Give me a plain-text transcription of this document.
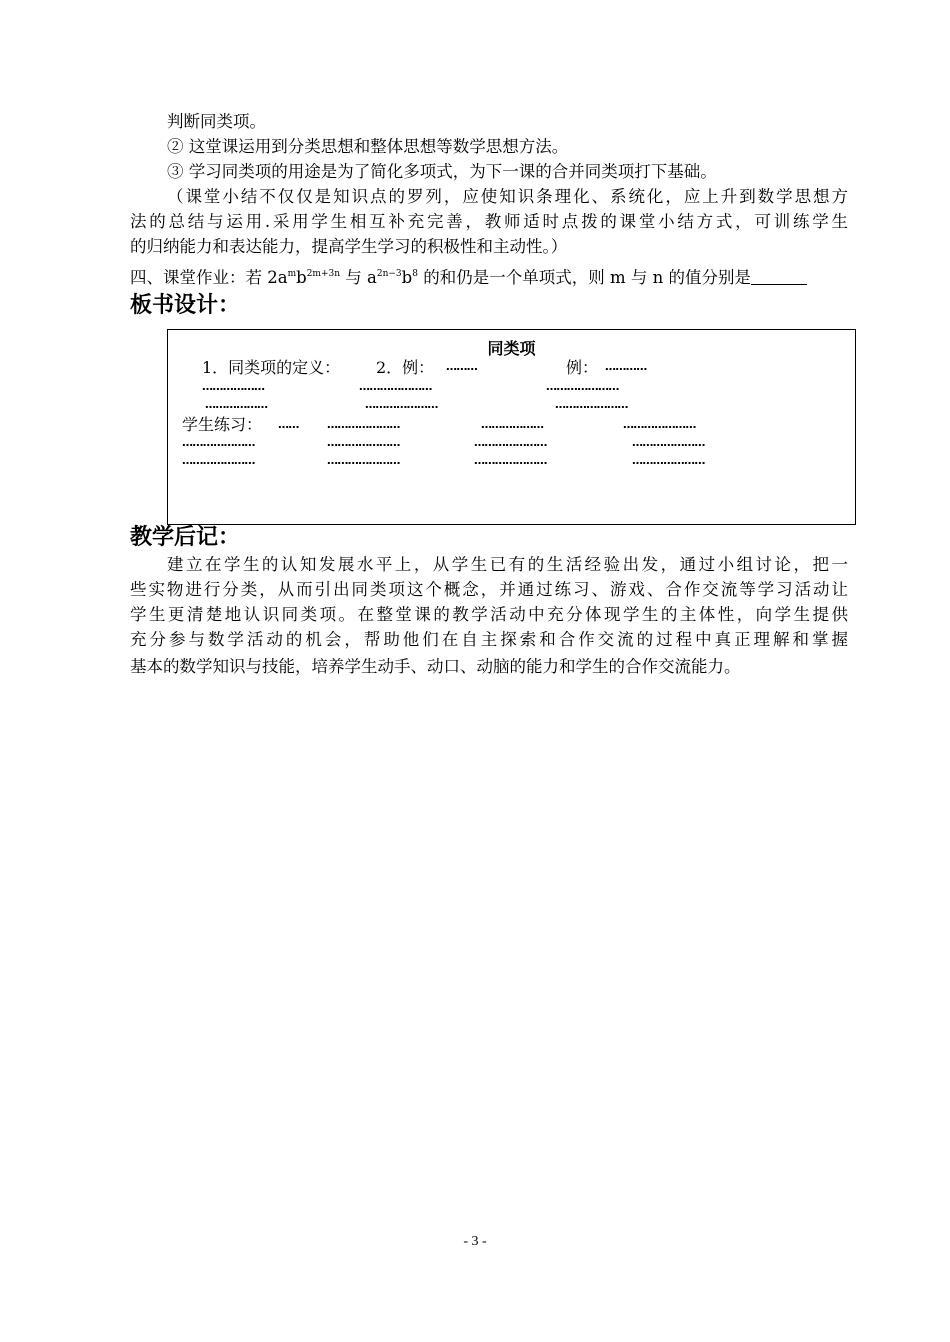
判断同类项。
② 这堂课运用到分类思想和整体思想等数学思想方法。
③ 学习同类项的用途是为了简化多项式，为下一课的合并同类项打下基础。
（课堂小结不仅仅是知识点的罗列，应使知识条理化、系统化，应上升到数学思想方
法的总结与运用.采用学生相互补充完善，教师适时点拨的课堂小结方式，可训练学生
的归纳能力和表达能力，提高学生学习的积极性和主动性。）
四、课堂作业：若 $2a^mb^{2m+3n}$ 与 $a^{2n-3}b^8$ 的和仍是一个单项式，则 m 与 n 的值分别是
板书设计：
同类项
1．同类项的定义： 2．例： ………	例： …………
………………	…………………	…………………
………………	…………………	…………………
学生练习： ……	…………………	………………	…………………
…………………	…………………	…………………	…………………
…………………	…………………	…………………	…………………
教学后记：
建立在学生的认知发展水平上，从学生已有的生活经验出发，通过小组讨论，把一
些实物进行分类，从而引出同类项这个概念，并通过练习、游戏、合作交流等学习活动让
学生更清楚地认识同类项。在整堂课的教学活动中充分体现学生的主体性，向学生提供
充分参与数学活动的机会，帮助他们在自主探索和合作交流的过程中真正理解和掌握
基本的数学知识与技能，培养学生动手、动口、动脑的能力和学生的合作交流能力。
- 3 -
